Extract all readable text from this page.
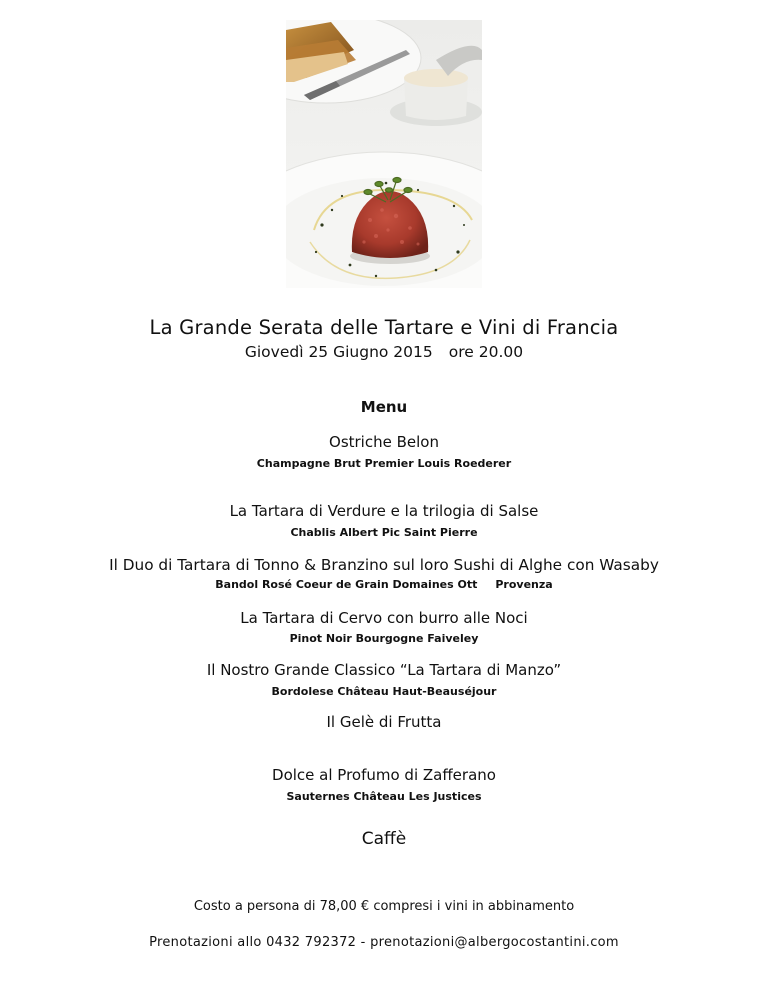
La Grande Serata delle Tartare e Vini di Francia
Giovedì 25 Giugno 2015 ore 20.00
Menu
Ostriche Belon
Champagne Brut Premier Louis Roederer
La Tartara di Verdure e la trilogia di Salse
Chablis Albert Pic Saint Pierre
Il Duo di Tartara di Tonno & Branzino sul loro Sushi di Alghe con Wasaby
Bandol Rosé Coeur de Grain Domaines Ott Provenza
La Tartara di Cervo con burro alle Noci
Pinot Noir Bourgogne Faiveley
Il Nostro Grande Classico “La Tartara di Manzo”
Bordolese Château Haut-Beauséjour
Il Gelè di Frutta
Dolce al Profumo di Zafferano
Sauternes Château Les Justices
Caffè
Costo a persona di 78,00 € compresi i vini in abbinamento
Prenotazioni allo 0432 792372 - prenotazioni@albergocostantini.com
